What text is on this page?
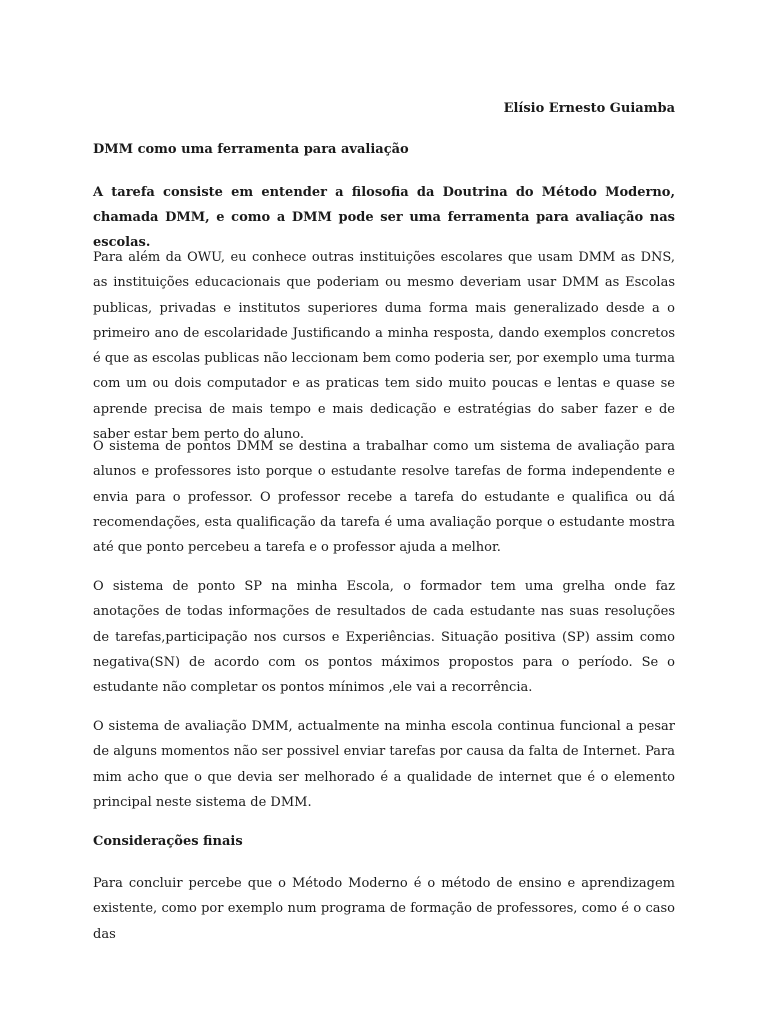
Elísio Ernesto Guiamba
DMM como uma ferramenta para avaliação

A tarefa consiste em entender a filosofia da Doutrina do Método Moderno, chamada DMM, e como a DMM pode ser uma ferramenta para avaliação nas escolas.

Para além da OWU, eu conhece outras instituições escolares que usam DMM as DNS, as instituições educacionais que poderiam ou mesmo deveriam usar DMM as Escolas publicas, privadas e institutos superiores duma forma mais generalizado desde a o primeiro ano de escolaridade Justificando a minha resposta, dando exemplos concretos é que as escolas publicas não leccionam bem como poderia ser, por exemplo uma turma com um ou dois computador e as praticas tem sido muito poucas e lentas e quase se aprende precisa de mais tempo e mais dedicação e estratégias do saber fazer e de saber estar bem perto do aluno.

O sistema de pontos DMM se destina a trabalhar como um sistema de avaliação para alunos e professores isto porque o estudante resolve tarefas de forma independente e envia para o professor. O professor recebe a tarefa do estudante e qualifica ou dá recomendações, esta qualificação da tarefa é uma avaliação porque o estudante mostra até que ponto percebeu a tarefa e o professor ajuda a melhor.

O sistema de ponto SP na minha Escola, o formador tem uma grelha onde faz anotações de todas informações de resultados de cada estudante nas suas resoluções de tarefas,participação nos cursos e Experiências. Situação positiva (SP) assim como negativa(SN) de acordo com os pontos máximos propostos para o período. Se o estudante não completar os pontos mínimos ,ele vai a recorrência.

O sistema de avaliação DMM, actualmente na minha escola continua funcional a pesar de alguns momentos não ser possivel enviar tarefas por causa da falta de Internet. Para mim acho que o que devia ser melhorado é a qualidade de internet que é o elemento principal neste sistema de DMM.

Considerações finais

Para concluir percebe que o Método Moderno é o método de ensino e aprendizagem existente, como por exemplo num programa de formação de professores, como é o caso das
